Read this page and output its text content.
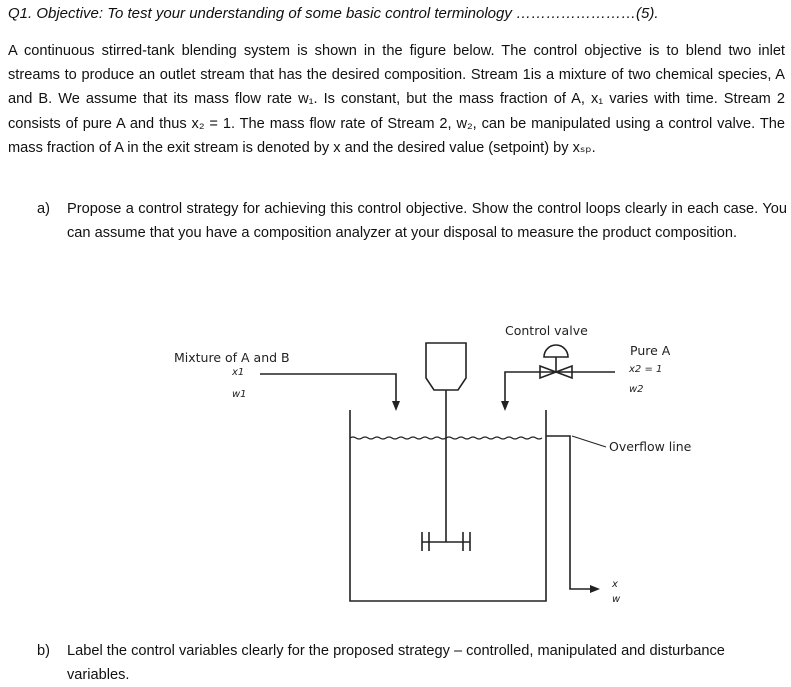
Q1. Objective: To test your understanding of some basic control terminology ……………………(5).
A continuous stirred-tank blending system is shown in the figure below. The control objective is to blend two inlet streams to produce an outlet stream that has the desired composition. Stream 1is a mixture of two chemical species, A and B. We assume that its mass flow rate w₁. Is constant, but the mass fraction of A, x₁ varies with time. Stream 2 consists of pure A and thus x₂ = 1. The mass flow rate of Stream 2, w₂, can be manipulated using a control valve. The mass fraction of A in the exit stream is denoted by x and the desired value (setpoint) by xₛₚ.
a) Propose a control strategy for achieving this control objective. Show the control loops clearly in each case. You can assume that you have a composition analyzer at your disposal to measure the product composition.
Control valve
Mixture of A and B
x1
w1
Pure A
x2 = 1
w2
Overflow line
x
w
b) Label the control variables clearly for the proposed strategy – controlled, manipulated and disturbance variables.
